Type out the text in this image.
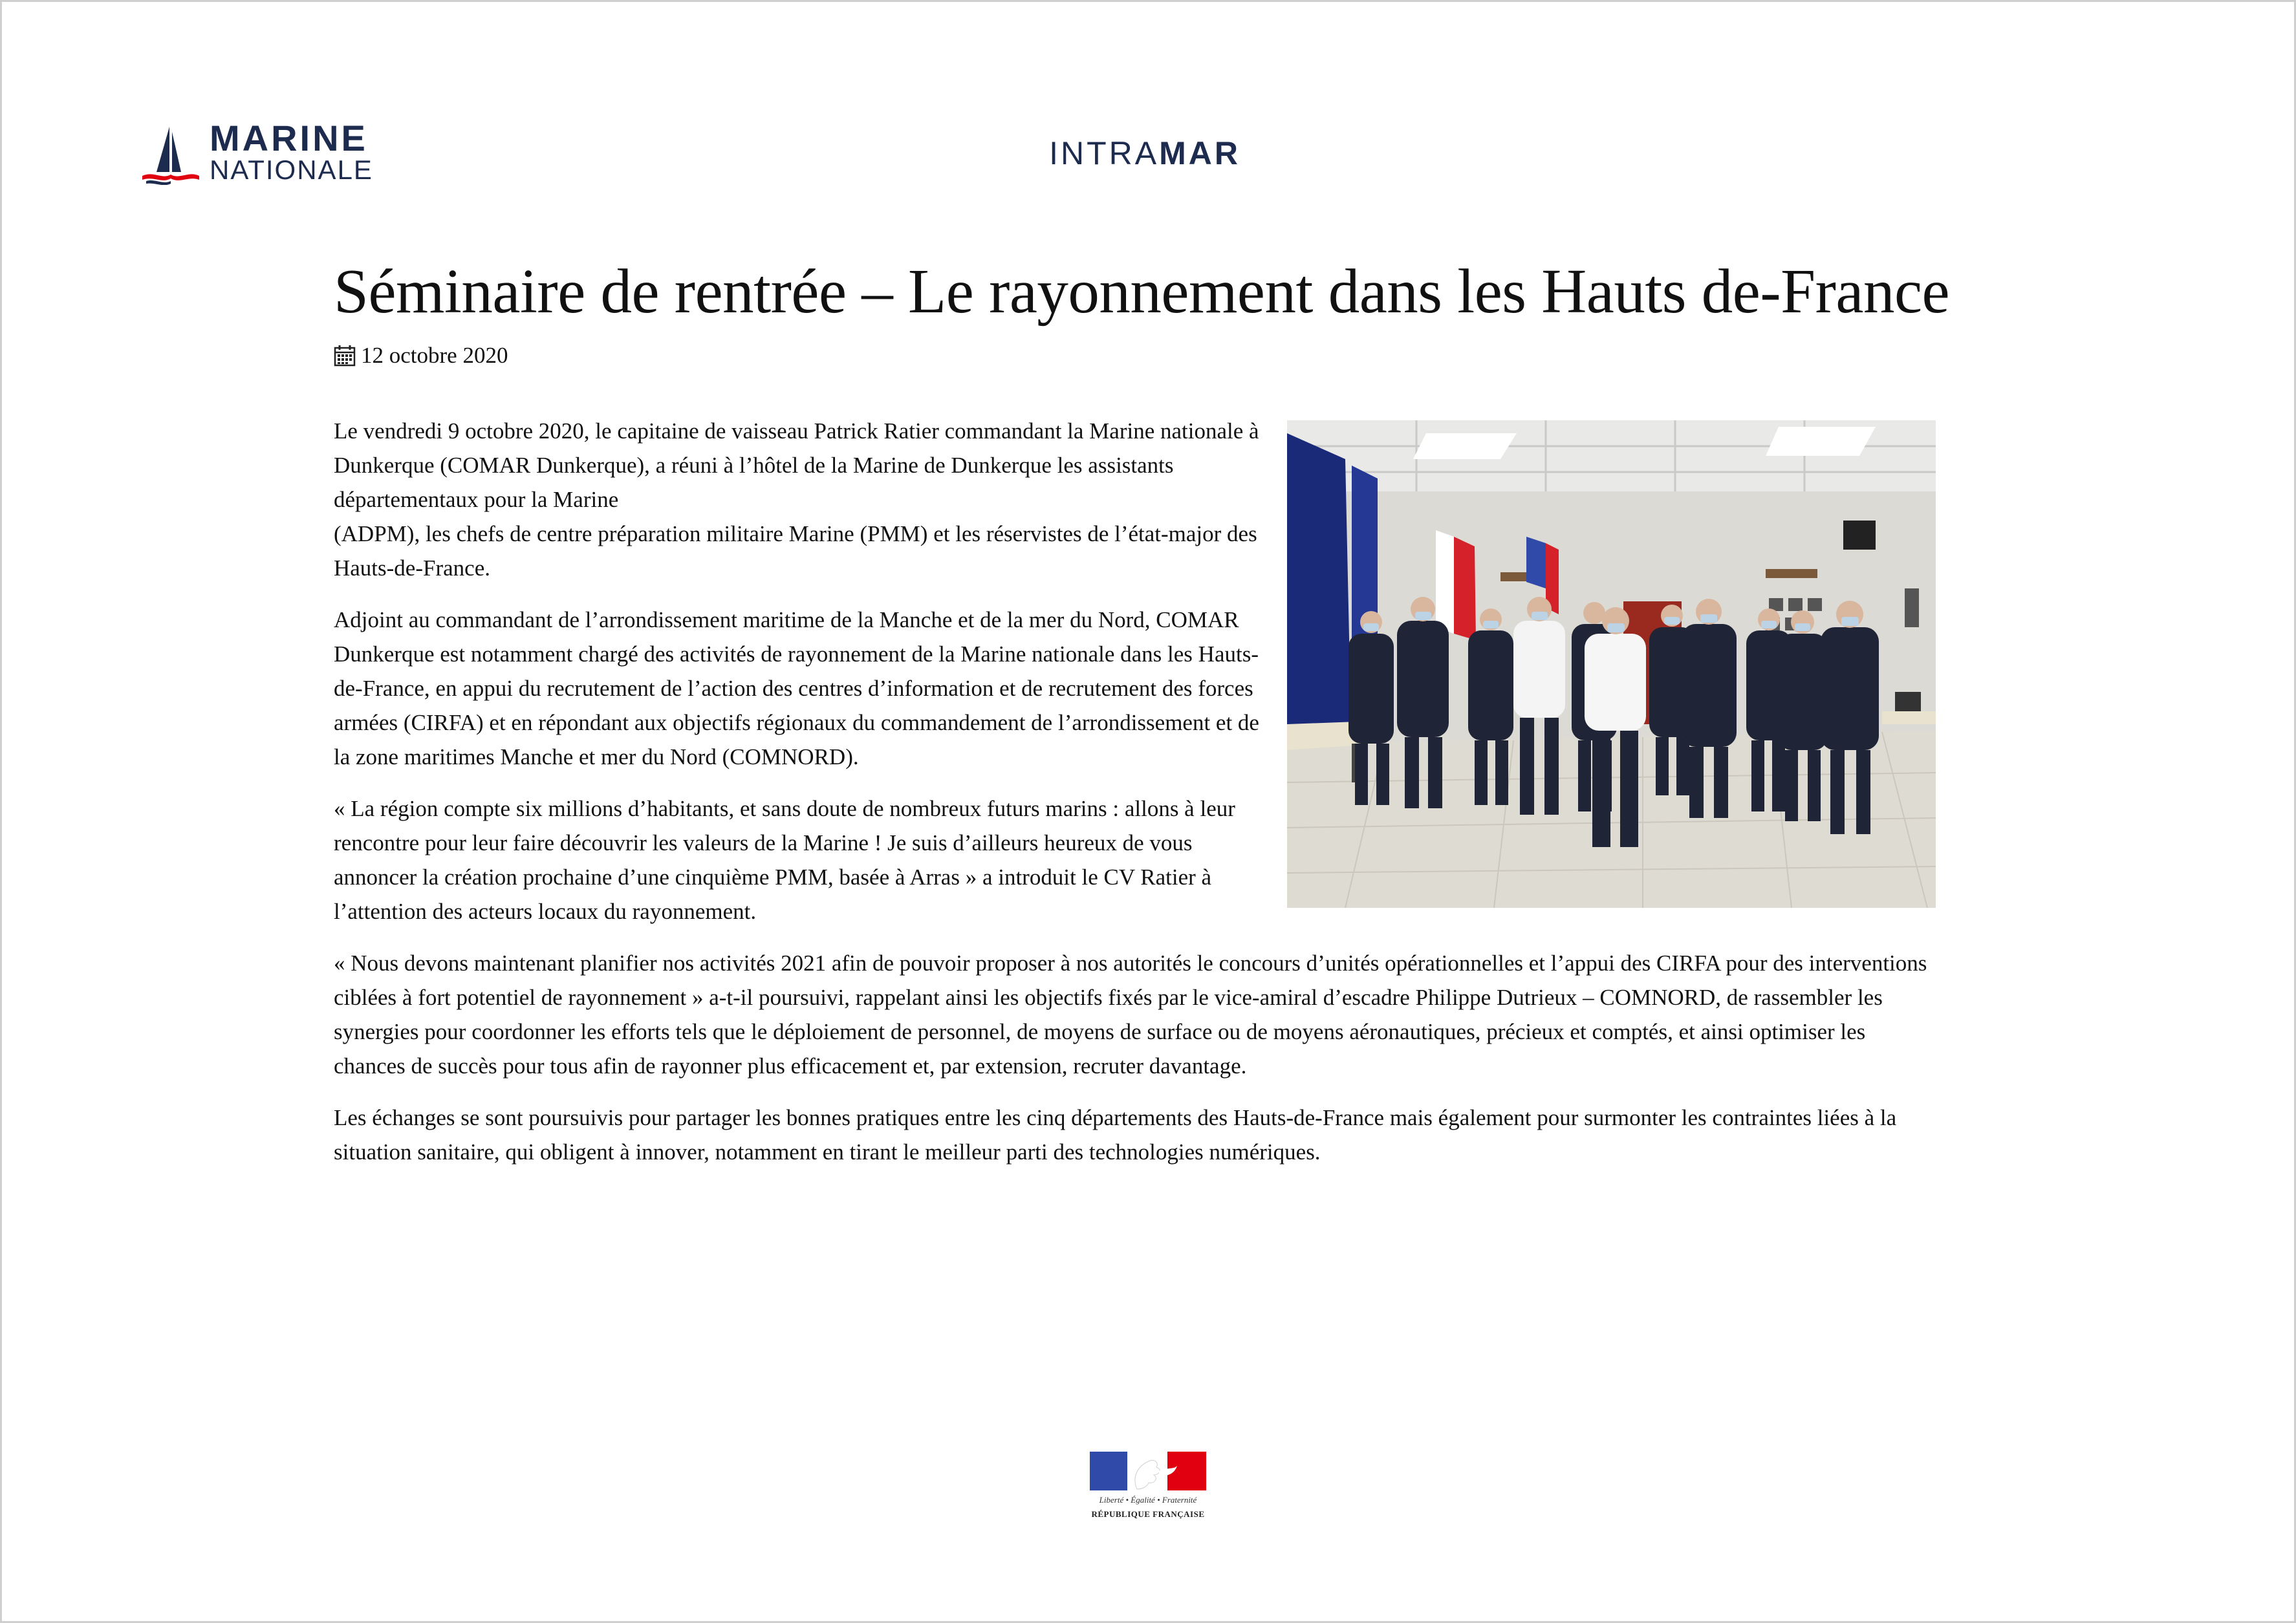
MARINE

NATIONALE	INTRAMAR
Séminaire de rentrée – Le rayonnement dans les Hauts de-France
12 octobre 2020

Le vendredi 9 octobre 2020, le capitaine de vaisseau Patrick Ratier commandant la Marine nationale à Dunkerque (COMAR Dunkerque), a réuni à l’hôtel de la Marine de Dunkerque les assistants départementaux pour la Marine
(ADPM), les chefs de centre préparation militaire Marine (PMM) et les réservistes de l’état-major des Hauts-de-France.

Adjoint au commandant de l’arrondissement maritime de la Manche et de la mer du Nord, COMAR Dunkerque est notamment chargé des activités de rayonnement de la Marine nationale dans les Hauts-de-France, en appui du recrutement de l’action des centres d’information et de recrutement des forces armées (CIRFA) et en répondant aux objectifs régionaux du commandement de l’arrondissement et de la zone maritimes Manche et mer du Nord (COMNORD).

« La région compte six millions d’habitants, et sans doute de nombreux futurs marins : allons à leur rencontre pour leur faire découvrir les valeurs de la Marine ! Je suis d’ailleurs heureux de vous annoncer la création prochaine d’une cinquième PMM, basée à Arras » a introduit le CV Ratier à l’attention des acteurs locaux du rayonnement.

« Nous devons maintenant planifier nos activités 2021 afin de pouvoir proposer à nos autorités le concours d’unités opérationnelles et l’appui des CIRFA pour des interventions ciblées à fort potentiel de rayonnement » a-t-il poursuivi, rappelant ainsi les objectifs fixés par le vice-amiral d’escadre Philippe Dutrieux – COMNORD, de rassembler les synergies pour coordonner les efforts tels que le déploiement de personnel, de moyens de surface ou de moyens aéronautiques, précieux et comptés, et ainsi optimiser les chances de succès pour tous afin de rayonner plus efficacement et, par extension, recruter davantage.

Les échanges se sont poursuivis pour partager les bonnes pratiques entre les cinq départements des Hauts-de-France mais également pour surmonter les contraintes liées à la situation sanitaire, qui obligent à innover, notamment en tirant le meilleur parti des technologies numériques.

Liberté • Égalité • Fraternité
RÉPUBLIQUE FRANÇAISE
